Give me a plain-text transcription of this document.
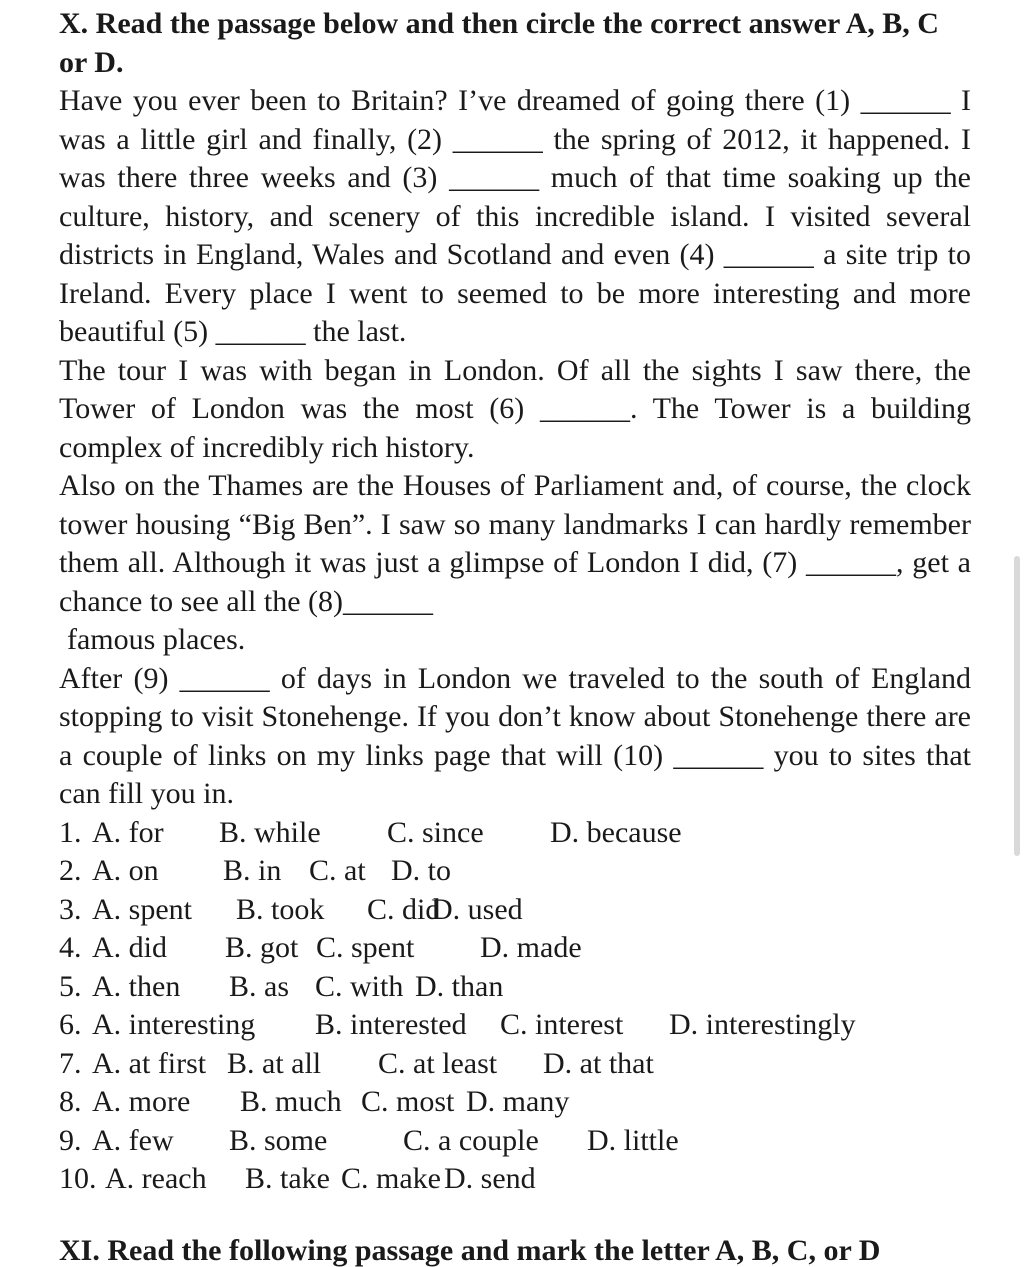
X. Read the passage below and then circle the correct answer A, B, C or D.

Have you ever been to Britain? I’ve dreamed of going there (1) ______ I was a little girl and finally, (2) ______ the spring of 2012, it happened. I was there three weeks and (3) ______ much of that time soaking up the culture, history, and scenery of this incredible island. I visited several districts in England, Wales and Scotland and even (4) ______ a site trip to Ireland. Every place I went to seemed to be more interesting and more beautiful (5) ______ the last.

The tour I was with began in London. Of all the sights I saw there, the Tower of London was the most (6) ______. The Tower is a building complex of incredibly rich history.

Also on the Thames are the Houses of Parliament and, of course, the clock tower housing “Big Ben”. I saw so many landmarks I can hardly remember them all. Although it was just a glimpse of London I did, (7) ______, get a chance to see all the (8)______

famous places.

After (9) ______ of days in London we traveled to the south of England stopping to visit Stonehenge. If you don’t know about Stonehenge there are a couple of links on my links page that will (10) ______ you to sites that can fill you in.

1. A. for B. while C. since D. because
2. A. on B. in C. at D. to
3. A. spent B. took C. did
D. used
4. A. did B. got C. spent D. made
5. A. then B. as C. with D. than
6. A. interesting B. interested C. interest D. interestingly
7. A. at first B. at all C. at least D. at that
8. A. more B. much C. most D. many
9. A. few B. some	C. a couple D. little
10. A. reach B. take C. make D. send
XI. Read the following passage and mark the letter A, B, C, or D
